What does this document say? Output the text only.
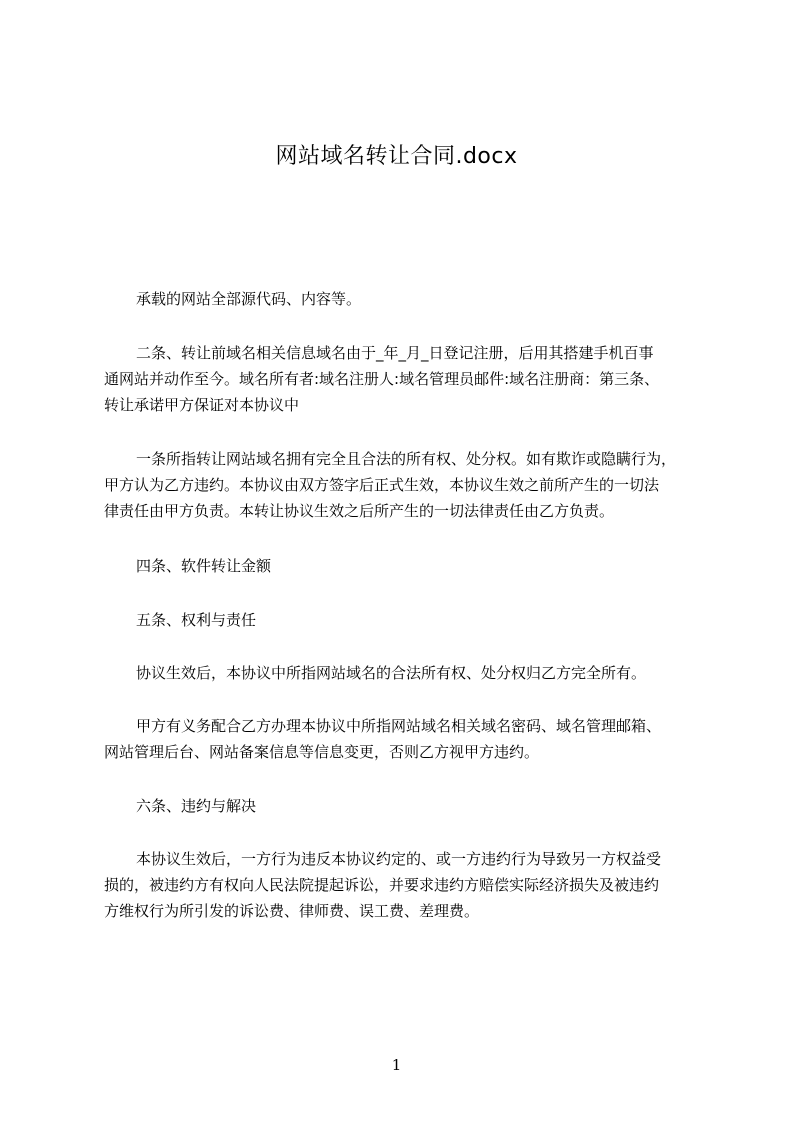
网站域名转让合同.docx
承载的网站全部源代码、内容等。
二条、转让前域名相关信息域名由于_年_月_日登记注册，后用其搭建手机百事
通网站并动作至今。域名所有者:域名注册人:域名管理员邮件:域名注册商：第三条、
转让承诺甲方保证对本协议中
一条所指转让网站域名拥有完全且合法的所有权、处分权。如有欺诈或隐瞒行为，
甲方认为乙方违约。本协议由双方签字后正式生效，本协议生效之前所产生的一切法
律责任由甲方负责。本转让协议生效之后所产生的一切法律责任由乙方负责。
四条、软件转让金额
五条、权利与责任
协议生效后，本协议中所指网站域名的合法所有权、处分权归乙方完全所有。
甲方有义务配合乙方办理本协议中所指网站域名相关域名密码、域名管理邮箱、
网站管理后台、网站备案信息等信息变更，否则乙方视甲方违约。
六条、违约与解决
本协议生效后，一方行为违反本协议约定的、或一方违约行为导致另一方权益受
损的，被违约方有权向人民法院提起诉讼，并要求违约方赔偿实际经济损失及被违约
方维权行为所引发的诉讼费、律师费、误工费、差理费。
1
